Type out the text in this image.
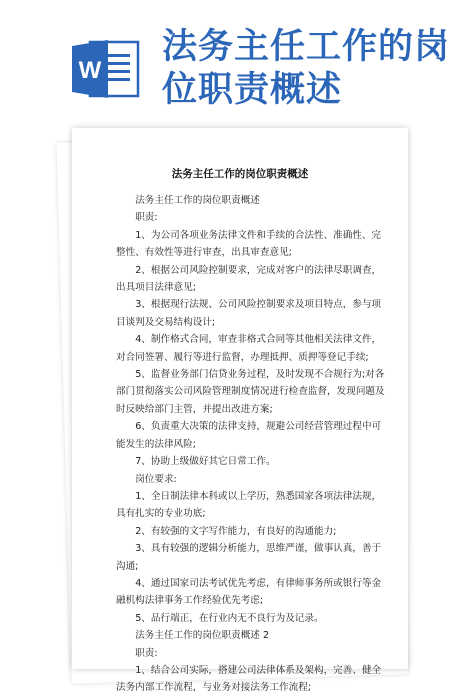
W
法务主任工作的岗
位职责概述
法务主任工作的岗位职责概述

法务主任工作的岗位职责概述

职责:

1、为公司各项业务法律文件和手续的合法性、准确性、完整性、有效性等进行审查，出具审查意见;

2、根据公司风险控制要求，完成对客户的法律尽职调查，出具项目法律意见;

3、根据现行法规、公司风险控制要求及项目特点，参与项目谈判及交易结构设计;

4、制作格式合同，审查非格式合同等其他相关法律文件，对合同签署、履行等进行监督，办理抵押、质押等登记手续;

5、监督业务部门信贷业务过程，及时发现不合规行为;对各部门贯彻落实公司风险管理制度情况进行检查监督，发现问题及时反映给部门主管，并提出改进方案;

6、负责重大决策的法律支持，规避公司经营管理过程中可能发生的法律风险;

7、协助上级做好其它日常工作。

岗位要求:

1、全日制法律本科或以上学历，熟悉国家各项法律法规，具有扎实的专业功底;

2、有较强的文字写作能力，有良好的沟通能力;

3、具有较强的逻辑分析能力，思维严谨，做事认真，善于沟通;

4、通过国家司法考试优先考虑，有律师事务所或银行等金融机构法律事务工作经验优先考虑;

5、品行端正，在行业内无不良行为及记录。

法务主任工作的岗位职责概述 2

职责:

1、结合公司实际，搭建公司法律体系及架构，完善、健全法务内部工作流程，与业务对接法务工作流程;
